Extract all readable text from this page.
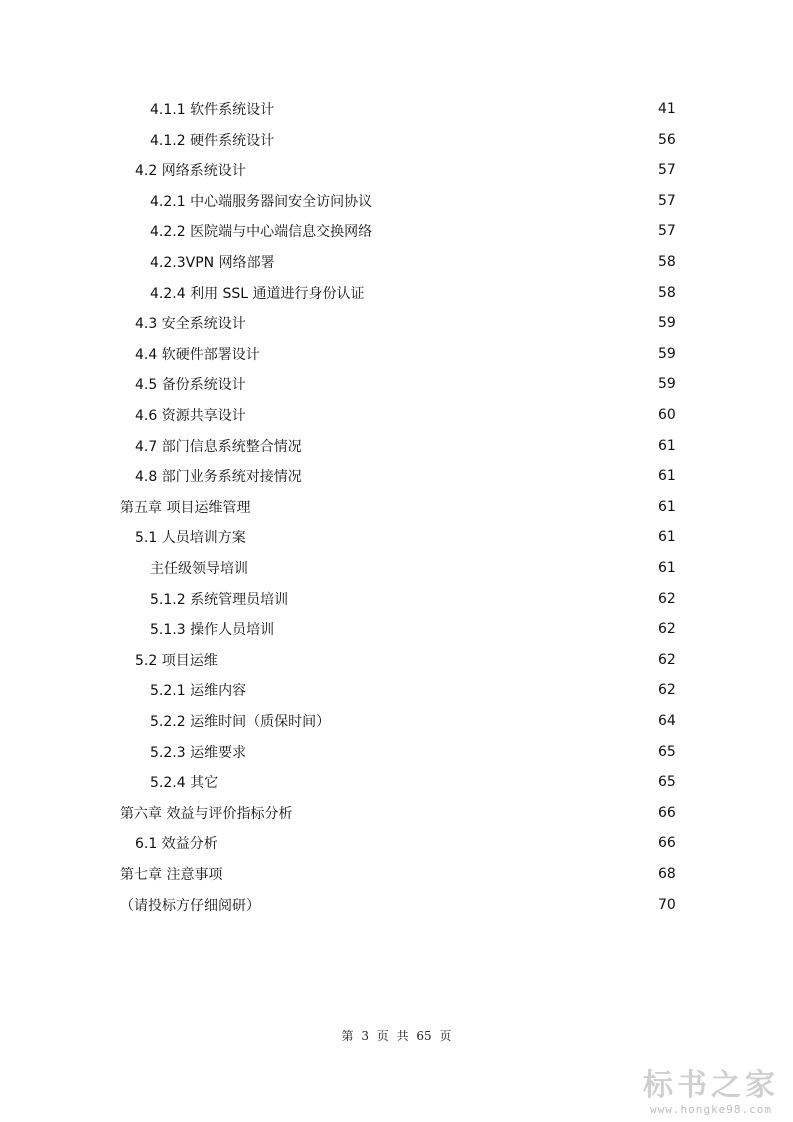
4.1.1 软件系统设计	41
4.1.2 硬件系统设计	56
4.2 网络系统设计	57
4.2.1 中心端服务器间安全访问协议	57
4.2.2 医院端与中心端信息交换网络	57
4.2.3VPN 网络部署	58
4.2.4 利用 SSL 通道进行身份认证	58
4.3 安全系统设计	59
4.4 软硬件部署设计	59
4.5 备份系统设计	59
4.6 资源共享设计	60
4.7 部门信息系统整合情况	61
4.8 部门业务系统对接情况	61
第五章 项目运维管理	61
5.1 人员培训方案	61
主任级领导培训	61
5.1.2 系统管理员培训	62
5.1.3 操作人员培训	62
5.2 项目运维	62
5.2.1 运维内容	62
5.2.2 运维时间（质保时间）	64
5.2.3 运维要求	65
5.2.4 其它	65
第六章 效益与评价指标分析	66
6.1 效益分析	66
第七章 注意事项	68
（请投标方仔细阅研）	70
第 3 页 共 65 页
标书之家
www.hongke98.com
